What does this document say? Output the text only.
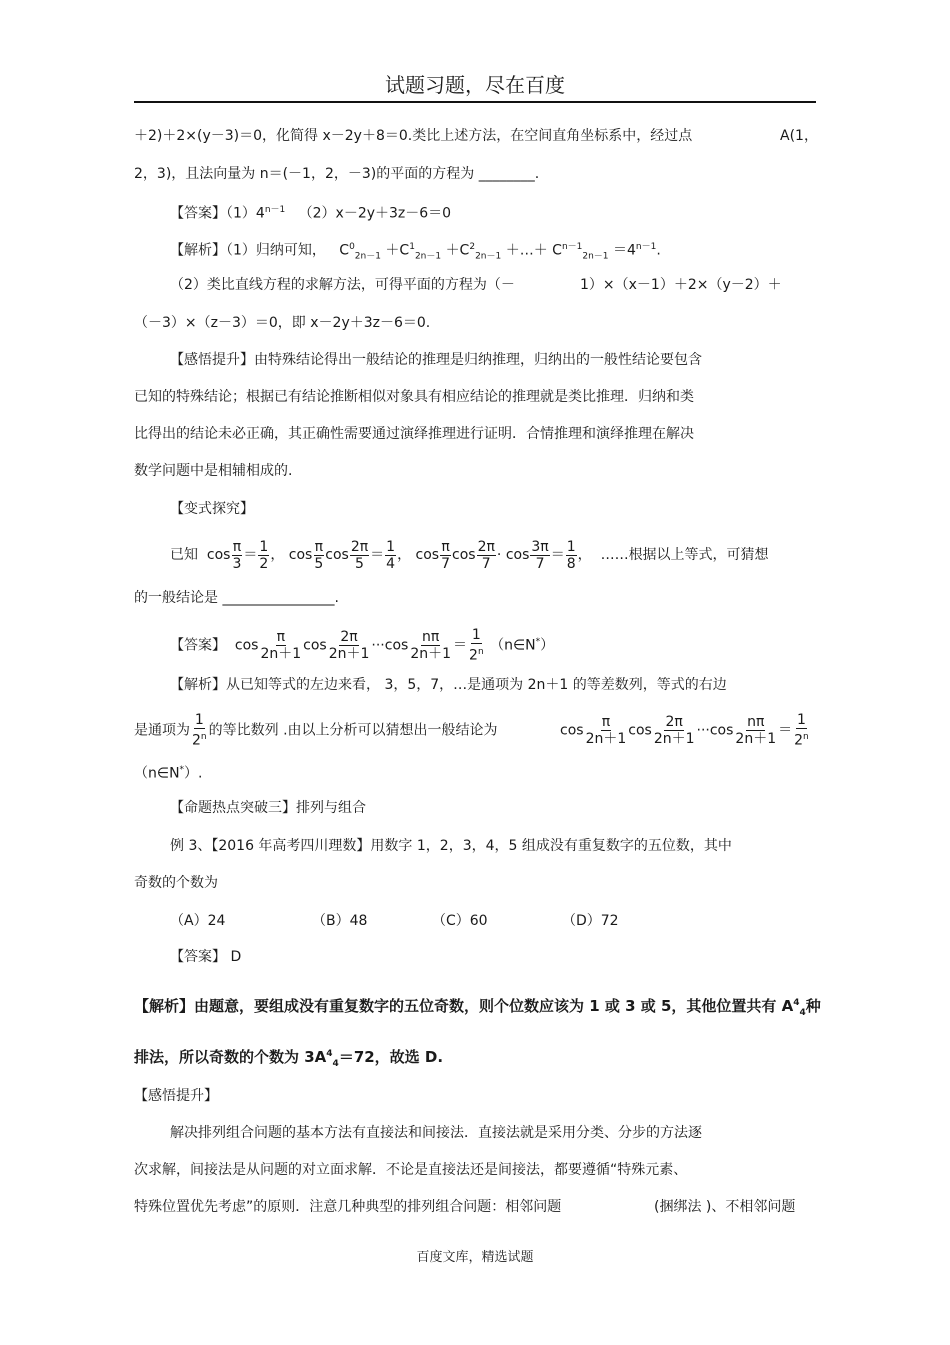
试题习题，尽在百度
＋2)＋2×(y－3)＝0，化简得 x－2y＋8＝0.类比上述方法，在空间直角坐标系中，经过点	A(1，
2，3)，且法向量为 n＝(－1，2，－3)的平面的方程为 ________.
【答案】$(1)4^{n-1}$ （2）x－2y＋3z－6＝0
【解析】（1）归纳可知， $C^0_{2n-1} +C^1_{2n-1} +C^2_{2n-1}$ ＋…＋ $C^{n-1}_{2n-1} =4^{n-1}$.
（2）类比直线方程的求解方法，可得平面的方程为（－	1）×（x－1）＋2×（y－2）＋
（－3）×（z－3）＝0，即 x－2y＋3z－6＝0.
【感悟提升】由特殊结论得出一般结论的推理是归纳推理，归纳出的一般性结论要包含
已知的特殊结论；根据已有结论推断相似对象具有相应结论的推理就是类比推理．归纳和类
比得出的结论未必正确，其正确性需要通过演绎推理进行证明．合情推理和演绎推理在解决
数学问题中是相辅相成的.
【变式探究】
已知 $\cos \frac{\pi}{3} = \frac{1}{2}$ ， $\cos \frac{\pi}{5}$ $\cos \frac{2\pi}{5} = \frac{1}{4}$ ， $\cos \frac{\pi}{7}$ $\cos \frac{2\pi}{7} \cdot \cos \frac{3\pi}{7} = \frac{1}{8}$ ， ……根据以上等式，可猜想
的一般结论是 ________________.
【答案】 $\cos \frac{\pi}{2n+1}$ $\cos \frac{2\pi}{2n+1} \cdot\cdot\cdot\cos \frac{n\pi}{2n+1} = \frac{1}{2^n}$ （n∈N*）
【解析】从已知等式的左边来看， 3，5，7，…是通项为 2n＋1 的等差数列，等式的右边
是通项为 $\frac{1}{2^n}$ 的等比数列 .由以上分析可以猜想出一般结论为	$\cos \frac{\pi}{2n+1}$ $\cos \frac{2\pi}{2n+1} \cdot\cdot\cdot\cos \frac{n\pi}{2n+1} = \frac{1}{2^n}$
（n∈N*）.
【命题热点突破三】排列与组合
例 3、【2016 年高考四川理数】用数字 1，2，3，4，5 组成没有重复数字的五位数，其中
奇数的个数为
（A）24	（B）48	（C）60	（D）72
【答案】 D
【解析】由题意，要组成没有重复数字的五位奇数，则个位数应该为 1 或 3 或 5，其他位置共有 $A^4_4$种
排法，所以奇数的个数为 $3A^4_4=72$，故选 D.
【感悟提升】
解决排列组合问题的基本方法有直接法和间接法．直接法就是采用分类、分步的方法逐
次求解，间接法是从问题的对立面求解．不论是直接法还是间接法，都要遵循“特殊元素、
特殊位置优先考虑”的原则．注意几种典型的排列组合问题：相邻问题	(捆绑法 )、不相邻问题
百度文库，精选试题
